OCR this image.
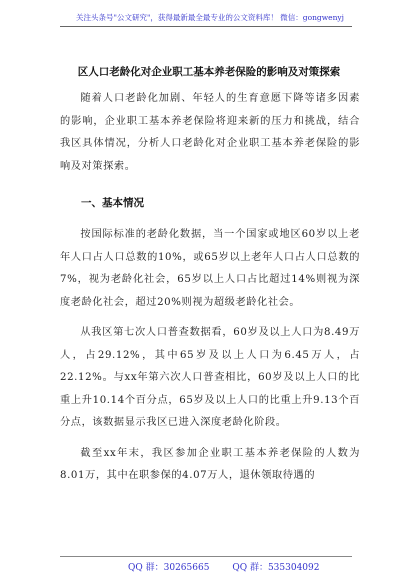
关注头条号"公文研究"，获得最新最全最专业的公文资料库！ 微信：gongwenyj
区人口老龄化对企业职工基本养老保险的影响及对策探索

随着人口老龄化加剧、年轻人的生育意愿下降等诸多因素的影响，企业职工基本养老保险将迎来新的压力和挑战，结合我区具体情况，分析人口老龄化对企业职工基本养老保险的影响及对策探索。

一、基本情况

按国际标准的老龄化数据，当一个国家或地区60岁以上老年人口占人口总数的10%，或65岁以上老年人口占人口总数的7%，视为老龄化社会，65岁以上人口占比超过14%则视为深度老龄化社会，超过20%则视为超级老龄化社会。

从我区第七次人口普查数据看，60岁及以上人口为8.49万人，占29.12%，其中65岁及以上人口为6.45万人，占22.12%。与xx年第六次人口普查相比，60岁及以上人口的比重上升10.14个百分点，65岁及以上人口的比重上升9.13个百分点，该数据显示我区已进入深度老龄化阶段。

截至xx年末，我区参加企业职工基本养老保险的人数为8.01万，其中在职参保的4.07万人，退休领取待遇的

QQ 群：30265665	QQ 群：535304092
